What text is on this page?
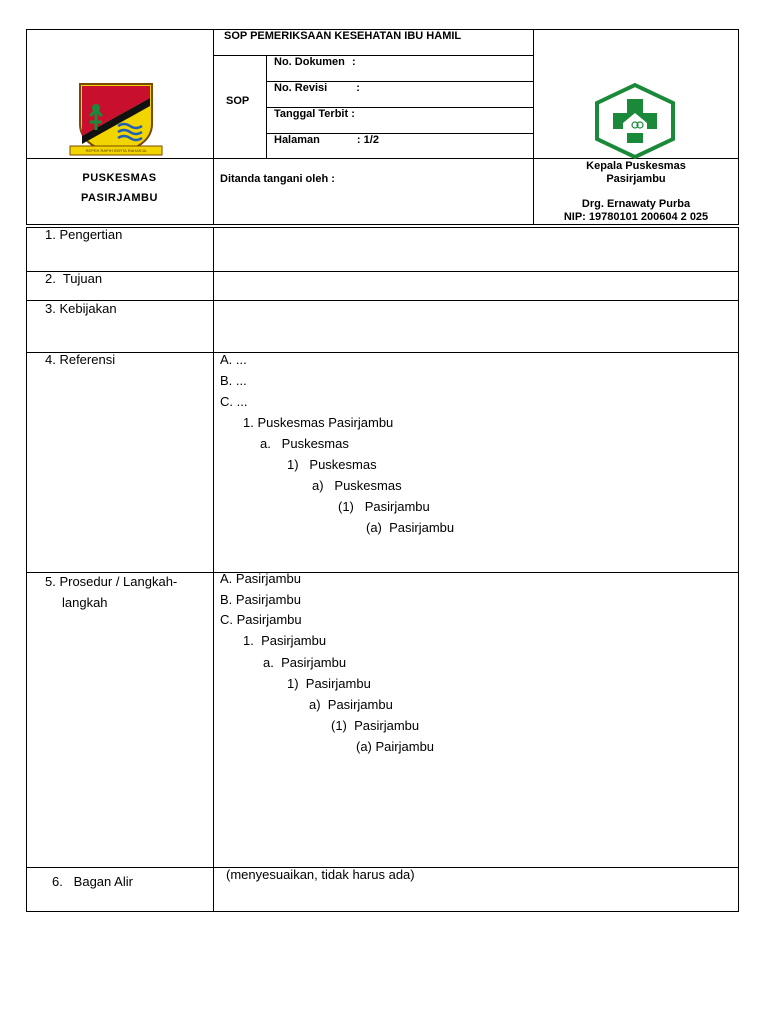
REPEH RAPIH KERTA RAHARJA
SOP PEMERIKSAAN KESEHATAN IBU HAMIL
SOP
No. Dokumen :
No. Revisi	:
Tanggal Terbit :
Halaman	: 1/2
PUSKESMAS
PASIRJAMBU
Ditanda tangani oleh :
Kepala Puskesmas
Pasirjambu
Drg. Ernawaty Purba
NIP: 19780101 200604 2 025
1. Pengertian
2.  Tujuan
3. Kebijakan
4. Referensi
5. Prosedur / Langkah-
langkah
6.   Bagan Alir
A. ...
B. ...
C. ...
1. Puskesmas Pasirjambu
a.   Puskesmas
1)   Puskesmas
a)   Puskesmas
(1)   Pasirjambu
(a)  Pasirjambu
A. Pasirjambu
B. Pasirjambu
C. Pasirjambu
1.  Pasirjambu
a.  Pasirjambu
1)  Pasirjambu
a)  Pasirjambu
(1)  Pasirjambu
(a) Pairjambu
(menyesuaikan, tidak harus ada)
